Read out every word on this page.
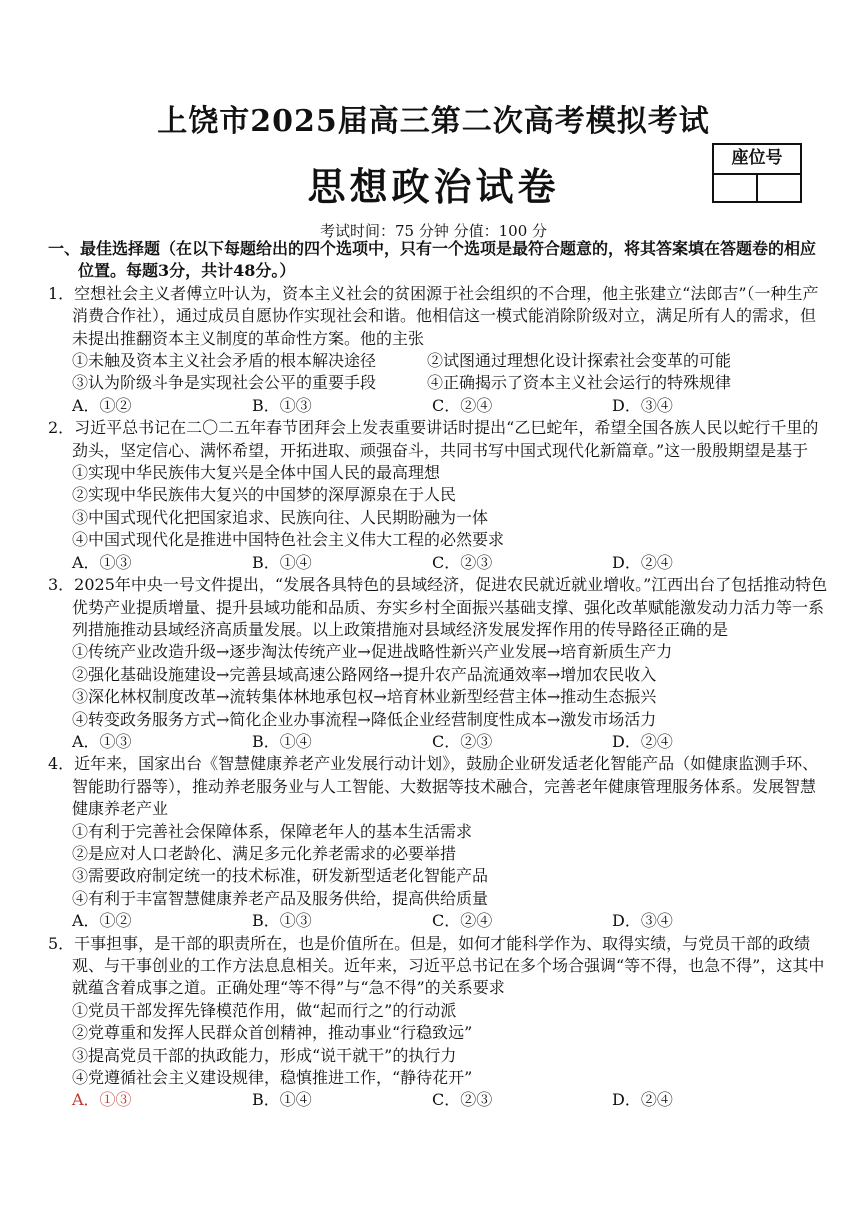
上饶市2025届高三第二次高考模拟考试
思想政治试卷
座位号
考试时间：75 分钟 分值：100 分

一、最佳选择题（在以下每题给出的四个选项中，只有一个选项是最符合题意的，将其答案填在答题卷的相应位置。每题3分，共计48分。）

1．空想社会主义者傅立叶认为，资本主义社会的贫困源于社会组织的不合理，他主张建立“法郎吉”（一种生产消费合作社），通过成员自愿协作实现社会和谐。他相信这一模式能消除阶级对立，满足所有人的需求，但未提出推翻资本主义制度的革命性方案。他的主张

①未触及资本主义社会矛盾的根本解决途径	②试图通过理想化设计探索社会变革的可能
③认为阶级斗争是实现社会公平的重要手段	④正确揭示了资本主义社会运行的特殊规律
A．①②	B．①③	C．②④	D．③④

2．习近平总书记在二〇二五年春节团拜会上发表重要讲话时提出“乙巳蛇年，希望全国各族人民以蛇行千里的劲头，坚定信心、满怀希望，开拓进取、顽强奋斗，共同书写中国式现代化新篇章。”这一殷殷期望是基于

①实现中华民族伟大复兴是全体中国人民的最高理想

②实现中华民族伟大复兴的中国梦的深厚源泉在于人民

③中国式现代化把国家追求、民族向往、人民期盼融为一体

④中国式现代化是推进中国特色社会主义伟大工程的必然要求

A．①③	B．①④	C．②③	D．②④

3．2025年中央一号文件提出，“发展各具特色的县域经济，促进农民就近就业增收。”江西出台了包括推动特色优势产业提质增量、提升县域功能和品质、夯实乡村全面振兴基础支撑、强化改革赋能激发动力活力等一系列措施推动县域经济高质量发展。以上政策措施对县域经济发展发挥作用的传导路径正确的是

①传统产业改造升级→逐步淘汰传统产业→促进战略性新兴产业发展→培育新质生产力

②强化基础设施建设→完善县域高速公路网络→提升农产品流通效率→增加农民收入

③深化林权制度改革→流转集体林地承包权→培育林业新型经营主体→推动生态振兴

④转变政务服务方式→简化企业办事流程→降低企业经营制度性成本→激发市场活力

A．①③	B．①④	C．②③	D．②④

4．近年来，国家出台《智慧健康养老产业发展行动计划》，鼓励企业研发适老化智能产品（如健康监测手环、智能助行器等），推动养老服务业与人工智能、大数据等技术融合，完善老年健康管理服务体系。发展智慧健康养老产业

①有利于完善社会保障体系，保障老年人的基本生活需求

②是应对人口老龄化、满足多元化养老需求的必要举措

③需要政府制定统一的技术标准，研发新型适老化智能产品

④有利于丰富智慧健康养老产品及服务供给，提高供给质量

A．①②	B．①③	C．②④	D．③④

5．干事担事，是干部的职责所在，也是价值所在。但是，如何才能科学作为、取得实绩，与党员干部的政绩观、与干事创业的工作方法息息相关。近年来，习近平总书记在多个场合强调“等不得，也急不得”，这其中就蕴含着成事之道。正确处理“等不得”与“急不得”的关系要求

①党员干部发挥先锋模范作用，做“起而行之”的行动派

②党尊重和发挥人民群众首创精神，推动事业“行稳致远”

③提高党员干部的执政能力，形成“说干就干”的执行力

④党遵循社会主义建设规律，稳慎推进工作，“静待花开”

A．①③	B．①④	C．②③	D．②④
